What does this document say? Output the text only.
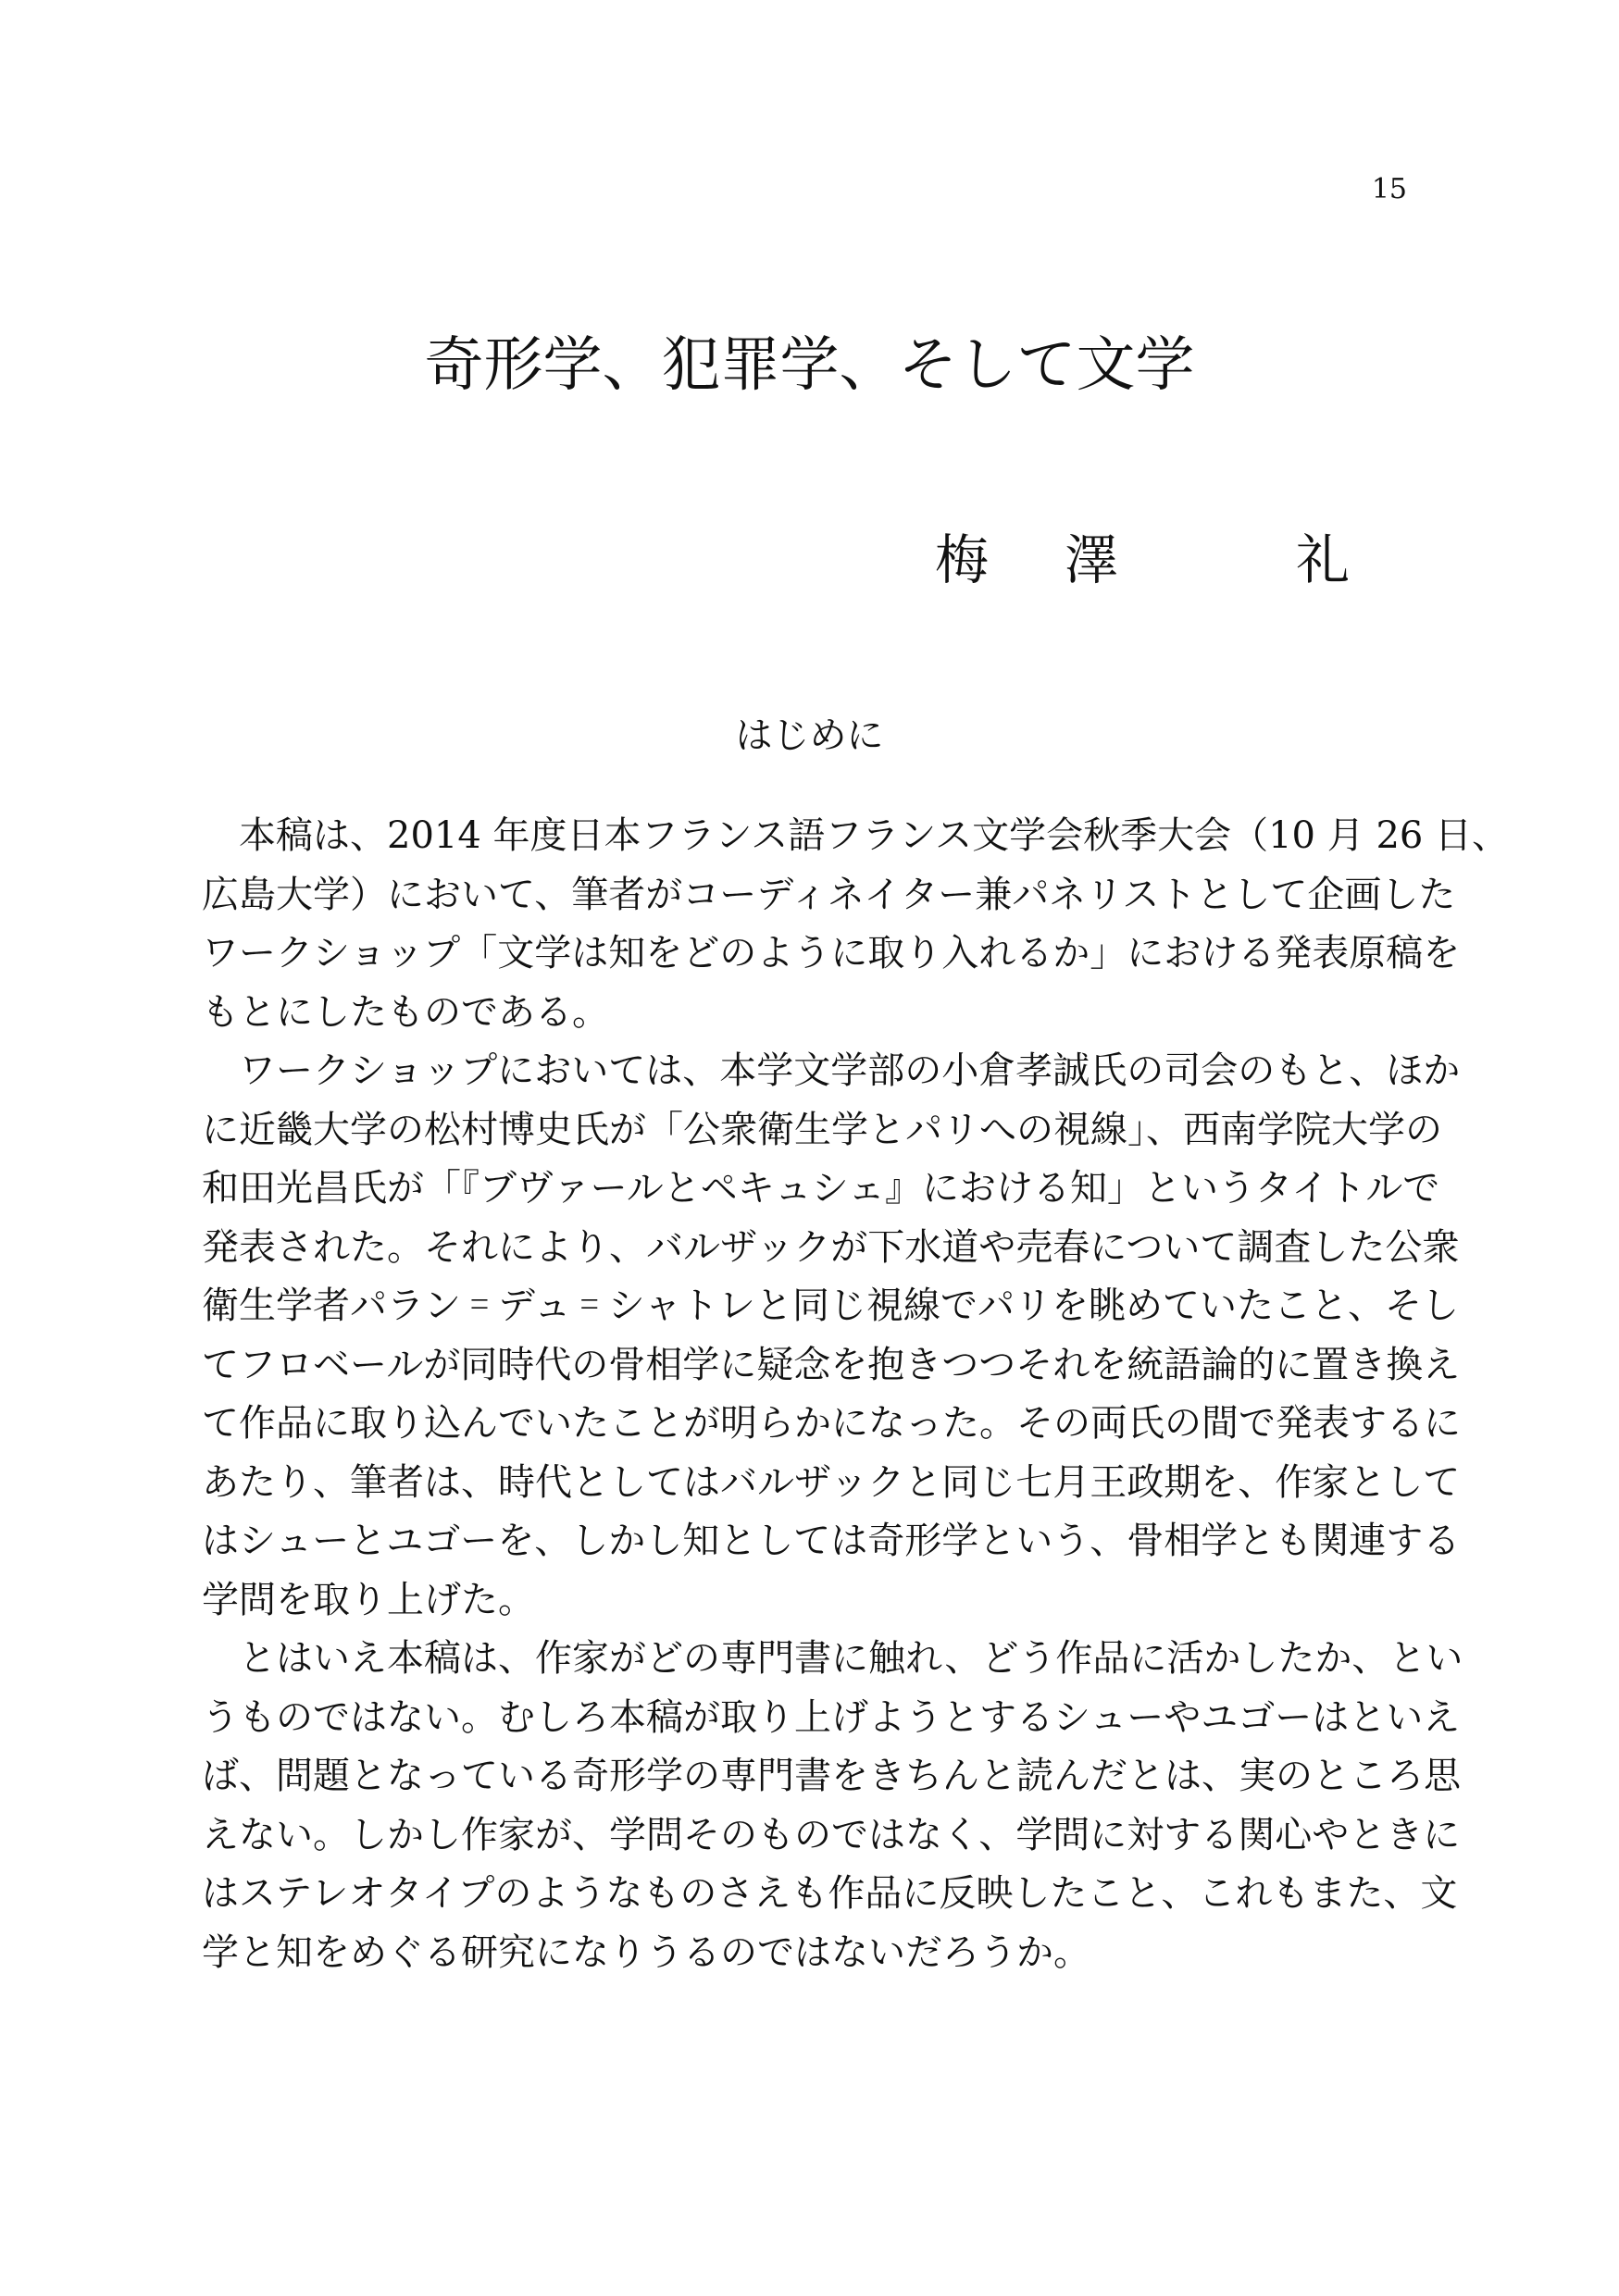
15
奇形学、犯罪学、そして文学
梅 澤	礼
はじめに
本稿は、2014 年度日本フランス語フランス文学会秋季大会（10 月 26 日、
広島大学）において、筆者がコーディネイター兼パネリストとして企画した
ワークショップ「文学は知をどのように取り入れるか」における発表原稿を
もとにしたものである。
ワークショップにおいては、本学文学部の小倉孝誠氏の司会のもと、ほか
に近畿大学の松村博史氏が「公衆衛生学とパリへの視線」、西南学院大学の
和田光昌氏が「『ブヴァールとペキュシェ』における知」というタイトルで
発表された。それにより、バルザックが下水道や売春について調査した公衆
衛生学者パラン゠デュ゠シャトレと同じ視線でパリを眺めていたこと、そし
てフロベールが同時代の骨相学に疑念を抱きつつそれを統語論的に置き換え
て作品に取り込んでいたことが明らかになった。その両氏の間で発表するに
あたり、筆者は、時代としてはバルザックと同じ七月王政期を、作家として
はシューとユゴーを、しかし知としては奇形学という、骨相学とも関連する
学問を取り上げた。
とはいえ本稿は、作家がどの専門書に触れ、どう作品に活かしたか、とい
うものではない。むしろ本稿が取り上げようとするシューやユゴーはといえ
ば、問題となっている奇形学の専門書をきちんと読んだとは、実のところ思
えない。しかし作家が、学問そのものではなく、学問に対する関心やときに
はステレオタイプのようなものさえも作品に反映したこと、これもまた、文
学と知をめぐる研究になりうるのではないだろうか。
